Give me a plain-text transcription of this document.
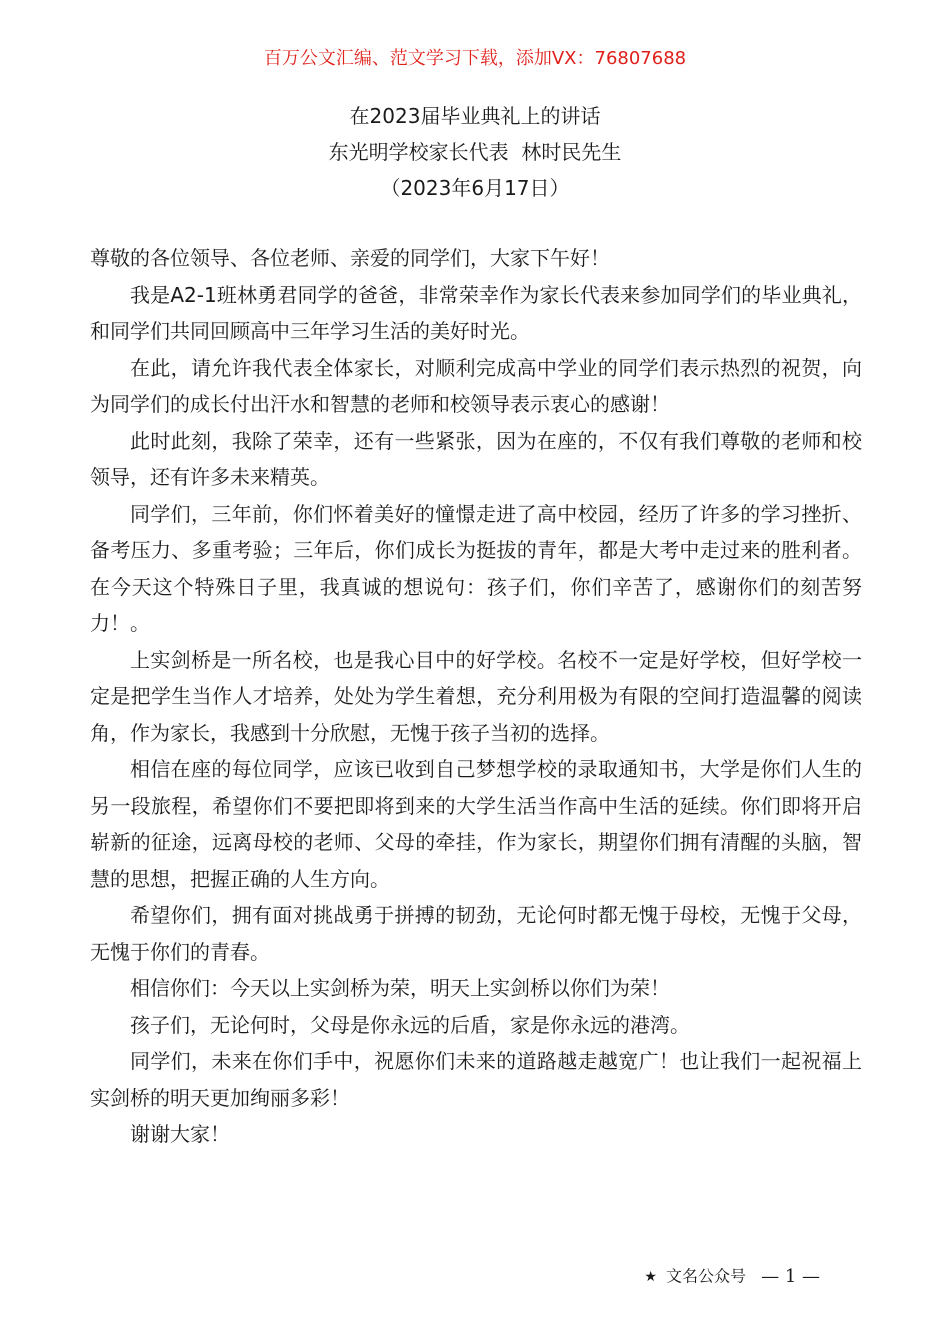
百万公文汇编、范文学习下载，添加VX：76807688
在2023届毕业典礼上的讲话
东光明学校家长代表  林时民先生
（2023年6月17日）

尊敬的各位领导、各位老师、亲爱的同学们，大家下午好！

我是A2-1班林勇君同学的爸爸，非常荣幸作为家长代表来参加同学们的毕业典礼，和同学们共同回顾高中三年学习生活的美好时光。

在此，请允许我代表全体家长，对顺利完成高中学业的同学们表示热烈的祝贺，向为同学们的成长付出汗水和智慧的老师和校领导表示衷心的感谢！

此时此刻，我除了荣幸，还有一些紧张，因为在座的，不仅有我们尊敬的老师和校领导，还有许多未来精英。

同学们，三年前，你们怀着美好的憧憬走进了高中校园，经历了许多的学习挫折、备考压力、多重考验；三年后，你们成长为挺拔的青年，都是大考中走过来的胜利者。在今天这个特殊日子里，我真诚的想说句：孩子们，你们辛苦了，感谢你们的刻苦努力！。

上实剑桥是一所名校，也是我心目中的好学校。名校不一定是好学校，但好学校一定是把学生当作人才培养，处处为学生着想，充分利用极为有限的空间打造温馨的阅读角，作为家长，我感到十分欣慰，无愧于孩子当初的选择。

相信在座的每位同学，应该已收到自己梦想学校的录取通知书，大学是你们人生的另一段旅程，希望你们不要把即将到来的大学生活当作高中生活的延续。你们即将开启崭新的征途，远离母校的老师、父母的牵挂，作为家长，期望你们拥有清醒的头脑，智慧的思想，把握正确的人生方向。

希望你们，拥有面对挑战勇于拼搏的韧劲，无论何时都无愧于母校，无愧于父母，无愧于你们的青春。

相信你们：今天以上实剑桥为荣，明天上实剑桥以你们为荣！

孩子们，无论何时，父母是你永远的后盾，家是你永远的港湾。

同学们，未来在你们手中，祝愿你们未来的道路越走越宽广！也让我们一起祝福上实剑桥的明天更加绚丽多彩！

谢谢大家！

★ 文名公众号 — 1 —
